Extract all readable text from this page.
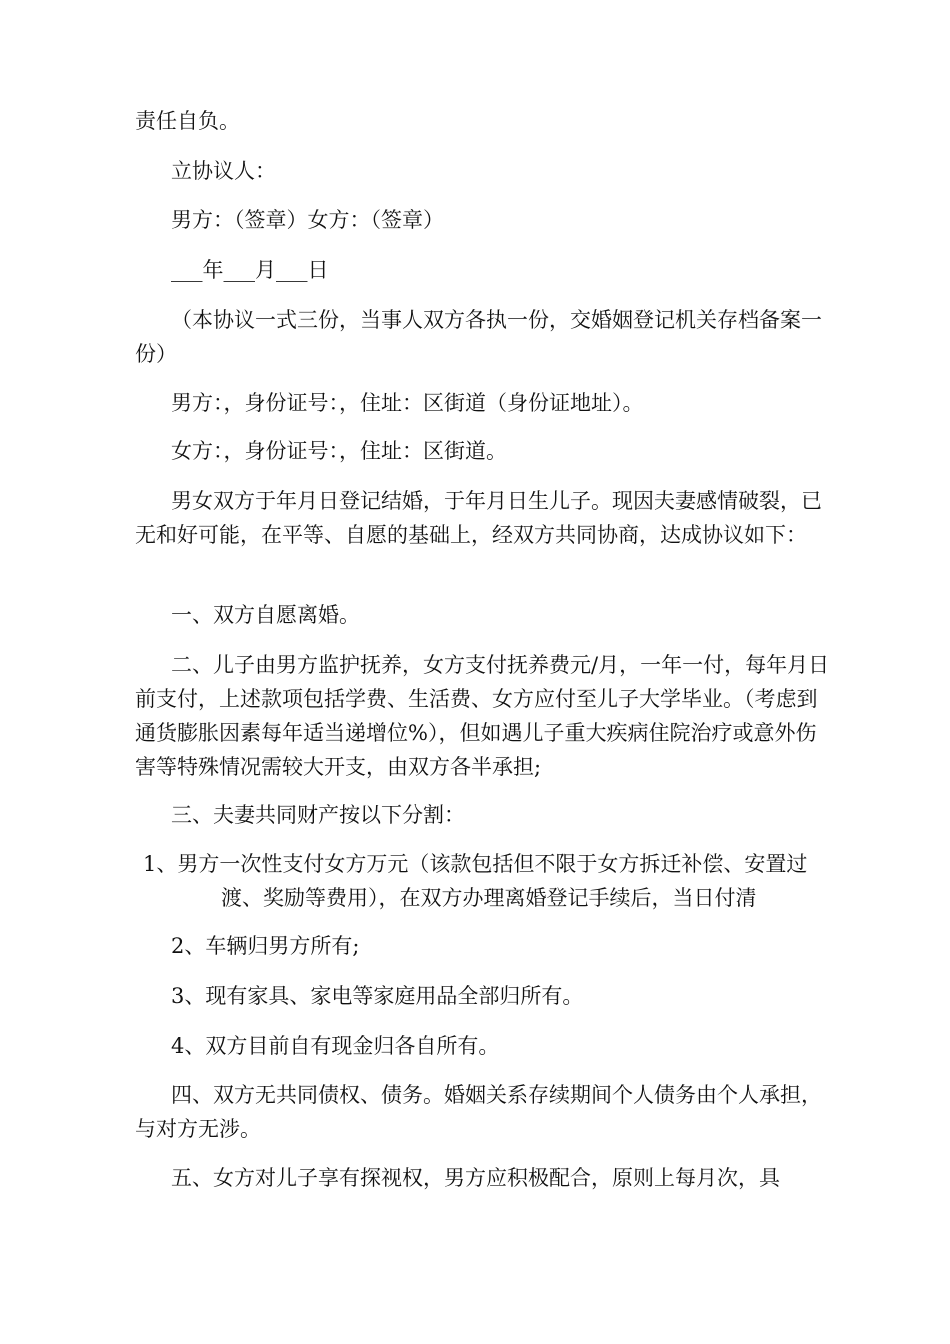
责任自负。

立协议人：

男方：（签章）女方：（签章）

___年___月___日

（本协议一式三份，当事人双方各执一份，交婚姻登记机关存档备案一份）

男方：，身份证号：，住址：区街道（身份证地址）。

女方：，身份证号：，住址：区街道。

男女双方于年月日登记结婚，于年月日生儿子。现因夫妻感情破裂，已无和好可能，在平等、自愿的基础上，经双方共同协商，达成协议如下：

一、双方自愿离婚。

二、儿子由男方监护抚养，女方支付抚养费元/月，一年一付，每年月日前支付，上述款项包括学费、生活费、女方应付至儿子大学毕业。（考虑到通货膨胀因素每年适当递增位%），但如遇儿子重大疾病住院治疗或意外伤害等特殊情况需较大开支，由双方各半承担;

三、夫妻共同财产按以下分割：

1、男方一次性支付女方万元（该款包括但不限于女方拆迁补偿、安置过渡、奖励等费用），在双方办理离婚登记手续后，当日付清

2、车辆归男方所有;

3、现有家具、家电等家庭用品全部归所有。

4、双方目前自有现金归各自所有。

四、双方无共同债权、债务。婚姻关系存续期间个人债务由个人承担，与对方无涉。

五、女方对儿子享有探视权，男方应积极配合，原则上每月次，具
